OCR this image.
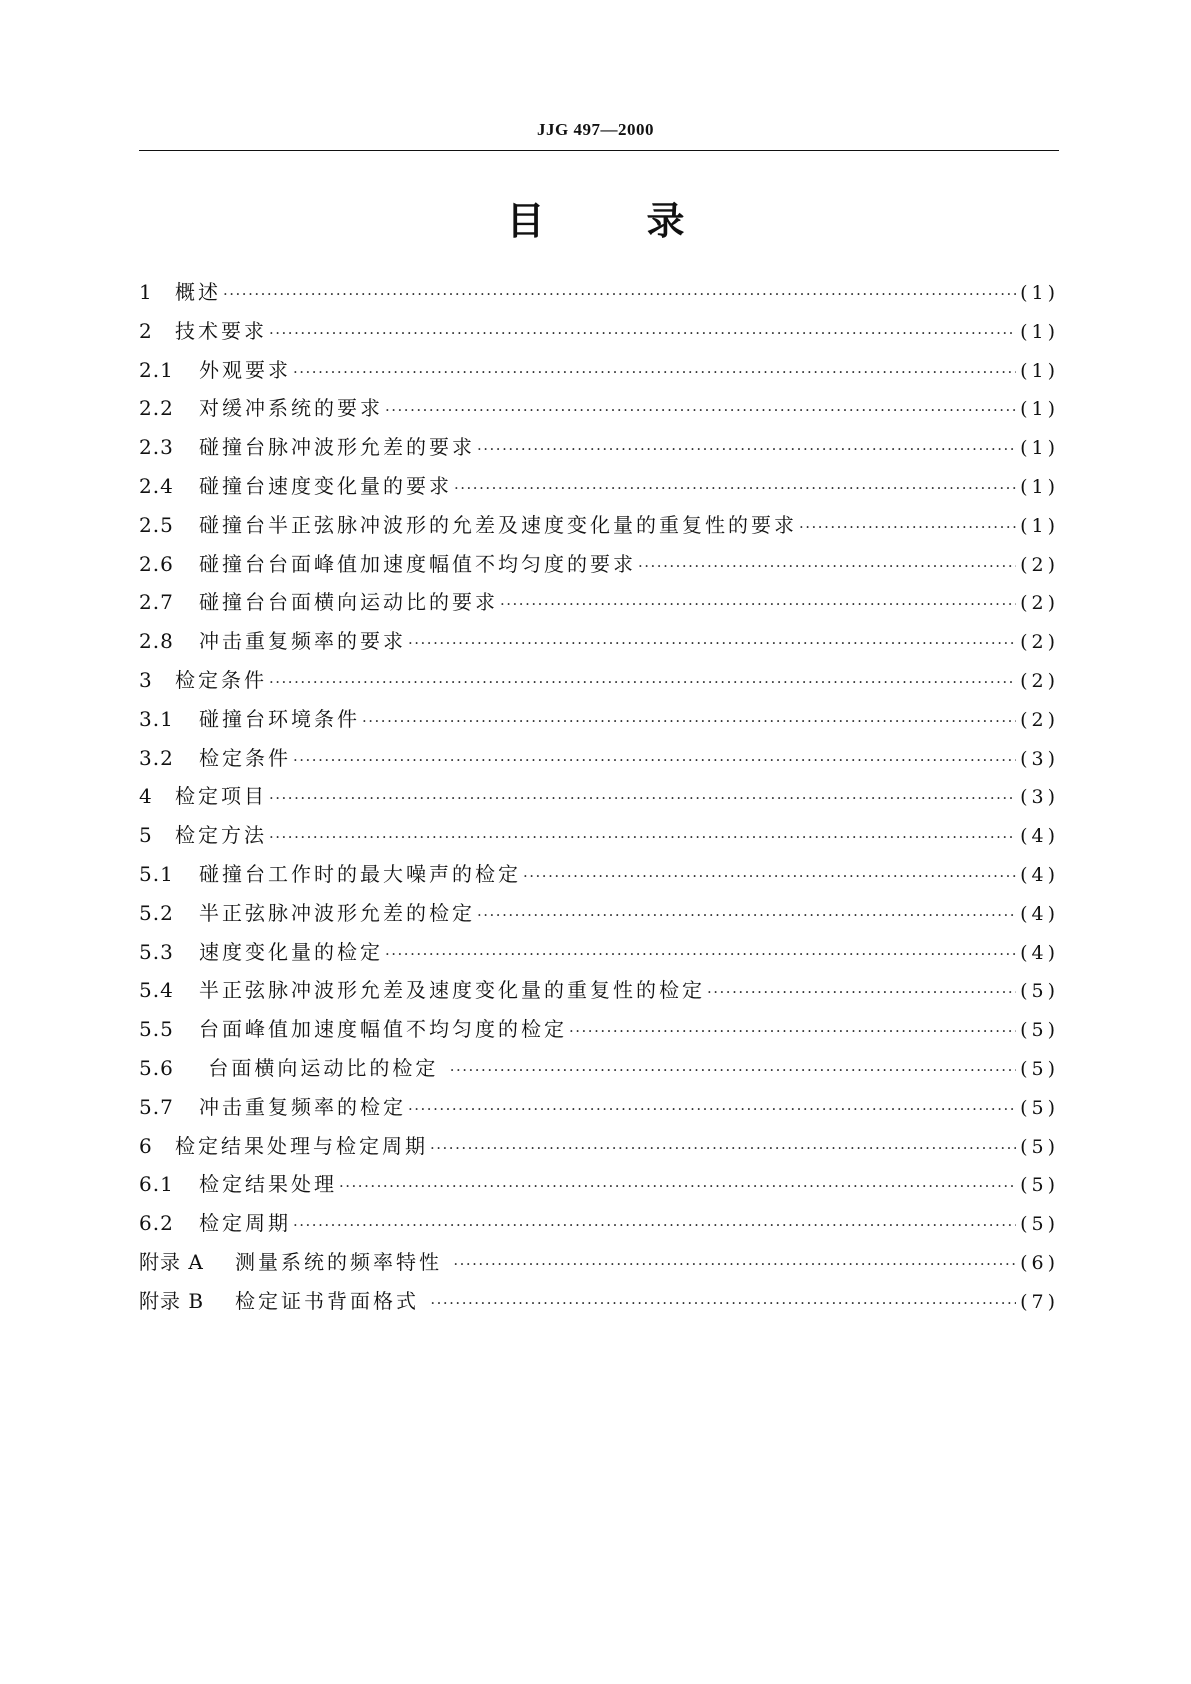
JJG 497—2000
目	录
1	概述 ·····	(1)
2	技术要求 ·····	(1)
2.1	外观要求 ·····	(1)
2.2	对缓冲系统的要求 ·····	(1)
2.3	碰撞台脉冲波形允差的要求 ·····	(1)
2.4	碰撞台速度变化量的要求 ·····	(1)
2.5	碰撞台半正弦脉冲波形的允差及速度变化量的重复性的要求 ·····	(1)
2.6	碰撞台台面峰值加速度幅值不均匀度的要求 ·····	(2)
2.7	碰撞台台面横向运动比的要求 ·····	(2)
2.8	冲击重复频率的要求 ·····	(2)
3	检定条件 ·····	(2)
3.1	碰撞台环境条件 ·····	(2)
3.2	检定条件 ·····	(3)
4	检定项目 ·····	(3)
5	检定方法 ·····	(4)
5.1	碰撞台工作时的最大噪声的检定 ·····	(4)
5.2	半正弦脉冲波形允差的检定 ·····	(4)
5.3	速度变化量的检定 ·····	(4)
5.4	半正弦脉冲波形允差及速度变化量的重复性的检定 ·····	(5)
5.5	台面峰值加速度幅值不均匀度的检定 ·····	(5)
5.6	台面横向运动比的检定 ·····	(5)
5.7	冲击重复频率的检定 ·····	(5)
6	检定结果处理与检定周期 ·····	(5)
6.1	检定结果处理 ·····	(5)
6.2	检定周期 ·····	(5)
附录 A	测量系统的频率特性 ·····	(6)
附录 B	检定证书背面格式 ·····	(7)
